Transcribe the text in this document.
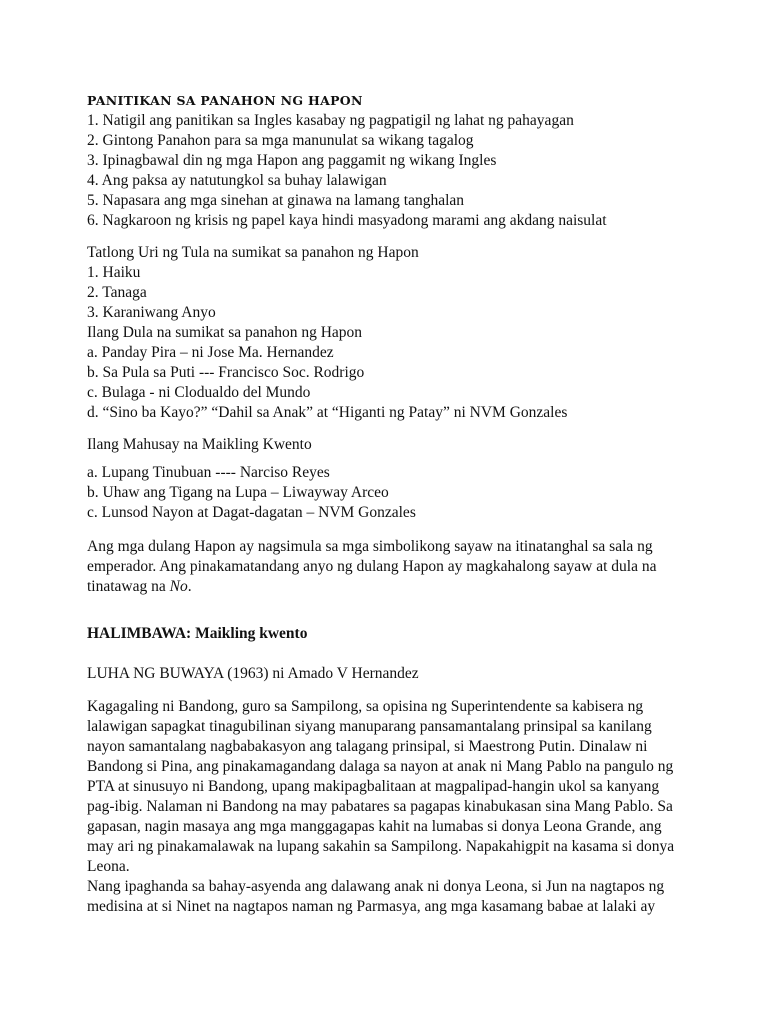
PANITIKAN SA PANAHON NG HAPON
1. Natigil ang panitikan sa Ingles kasabay ng pagpatigil ng lahat ng pahayagan
2. Gintong Panahon para sa mga manunulat sa wikang tagalog
3. Ipinagbawal din ng mga Hapon ang paggamit ng wikang Ingles
4. Ang paksa ay natutungkol sa buhay lalawigan
5. Napasara ang mga sinehan at ginawa na lamang tanghalan
6. Nagkaroon ng krisis ng papel kaya hindi masyadong marami ang akdang naisulat
Tatlong Uri ng Tula na sumikat sa panahon ng Hapon
1. Haiku
2. Tanaga
3. Karaniwang Anyo
Ilang Dula na sumikat sa panahon ng Hapon
a. Panday Pira – ni Jose Ma. Hernandez
b. Sa Pula sa Puti --- Francisco Soc. Rodrigo
c. Bulaga - ni Clodualdo del Mundo
d. “Sino ba Kayo?” “Dahil sa Anak” at “Higanti ng Patay” ni NVM Gonzales
Ilang Mahusay na Maikling Kwento
a. Lupang Tinubuan ---- Narciso Reyes
b. Uhaw ang Tigang na Lupa – Liwayway Arceo
c. Lunsod Nayon at Dagat-dagatan – NVM Gonzales
Ang mga dulang Hapon ay nagsimula sa mga simbolikong sayaw na itinatanghal sa sala ng
emperador. Ang pinakamatandang anyo ng dulang Hapon ay magkahalong sayaw at dula na
tinatawag na No.
HALIMBAWA: Maikling kwento
LUHA NG BUWAYA (1963) ni Amado V Hernandez
Kagagaling ni Bandong, guro sa Sampilong, sa opisina ng Superintendente sa kabisera ng
lalawigan sapagkat tinagubilinan siyang manuparang pansamantalang prinsipal sa kanilang
nayon samantalang nagbabakasyon ang talagang prinsipal, si Maestrong Putin. Dinalaw ni
Bandong si Pina, ang pinakamagandang dalaga sa nayon at anak ni Mang Pablo na pangulo ng
PTA at sinusuyo ni Bandong, upang makipagbalitaan at magpalipad-hangin ukol sa kanyang
pag-ibig. Nalaman ni Bandong na may pabatares sa pagapas kinabukasan sina Mang Pablo. Sa
gapasan, nagin masaya ang mga manggagapas kahit na lumabas si donya Leona Grande, ang
may ari ng pinakamalawak na lupang sakahin sa Sampilong. Napakahigpit na kasama si donya
Leona.
Nang ipaghanda sa bahay-asyenda ang dalawang anak ni donya Leona, si Jun na nagtapos ng
medisina at si Ninet na nagtapos naman ng Parmasya, ang mga kasamang babae at lalaki ay
